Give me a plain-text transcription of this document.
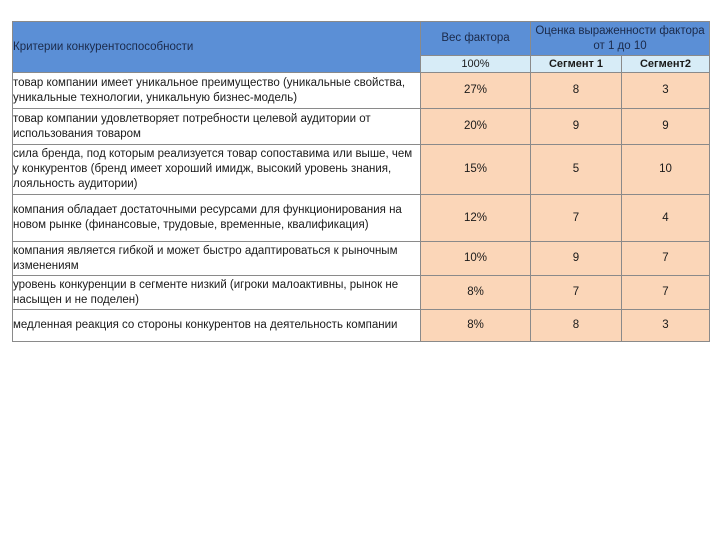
Критерии конкурентоспособности	Вес фактора	Оценка выраженности фактора от 1 до 10	
	100%	Сегмент 1	Сегмент2
товар компании имеет уникальное преимущество (уникальные свойства, уникальные технологии, уникальную бизнес-модель)	27%	8	3
товар компании удовлетворяет потребности целевой аудитории от использования товаром	20%	9	9
сила бренда, под которым реализуется товар сопоставима или выше, чем у конкурентов (бренд имеет хороший имидж, высокий уровень знания, лояльность аудитории)	15%	5	10
компания обладает достаточными ресурсами для функционирования на новом рынке (финансовые, трудовые, временные, квалификация)	12%	7	4
компания является гибкой и может быстро адаптироваться к рыночным изменениям	10%	9	7
уровень конкуренции в сегменте низкий (игроки малоактивны, рынок не насыщен и не поделен)	8%	7	7
медленная реакция со стороны конкурентов на деятельность компании	8%	8	3
